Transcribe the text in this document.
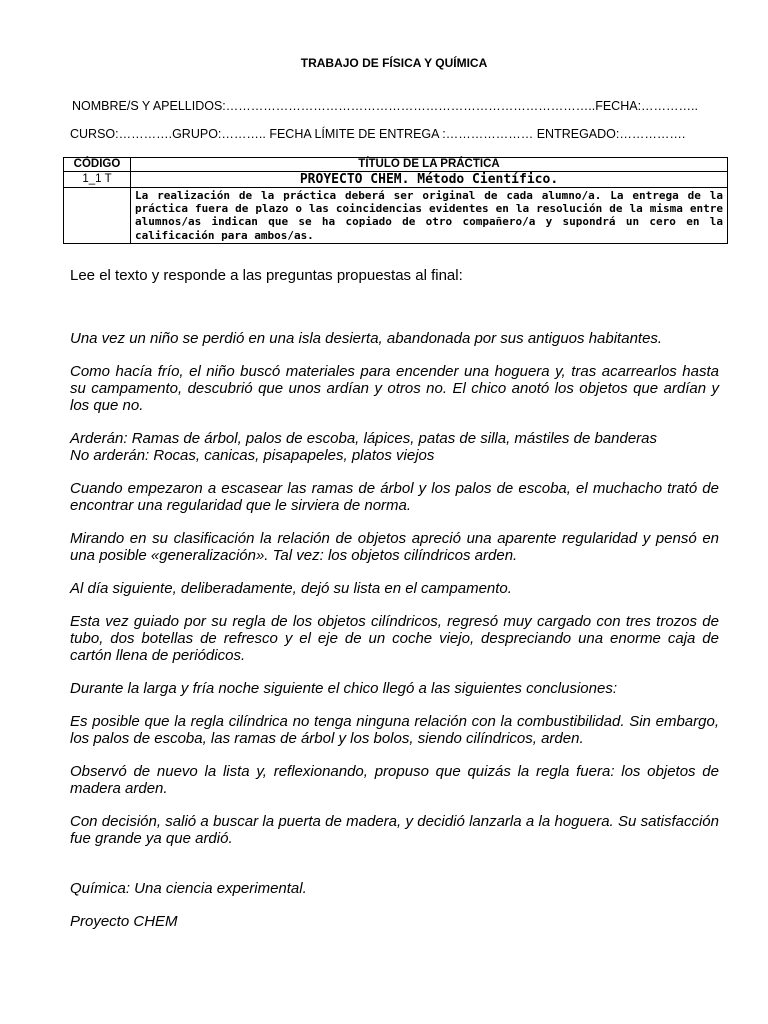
TRABAJO DE FÍSICA Y QUÍMICA
NOMBRE/S Y APELLIDOS:……………………………………………………………………………..FECHA:…………..
CURSO:………….GRUPO:……….. FECHA LÍMITE DE ENTREGA :………………… ENTREGADO:…………….
CÓDIGO	TÍTULO DE LA PRÁCTICA
1_1 T	PROYECTO CHEM. Método Científico.
	La realización de la práctica deberá ser original de cada alumno/a. La entrega de la práctica fuera de plazo o las coincidencias evidentes en la resolución de la misma entre alumnos/as indican que se ha copiado de otro compañero/a y supondrá un cero en la calificación para ambos/as.
Lee el texto y responde a las preguntas propuestas al final:

Una vez un niño se perdió en una isla desierta, abandonada por sus antiguos habitantes.

Como hacía frío, el niño buscó materiales para encender una hoguera y, tras acarrearlos hasta su campamento, descubrió que unos ardían y otros no. El chico anotó los objetos que ardían y los que no.

Arderán: Ramas de árbol, palos de escoba, lápices, patas de silla, mástiles de banderas
No arderán: Rocas, canicas, pisapapeles, platos viejos

Cuando empezaron a escasear las ramas de árbol y los palos de escoba, el muchacho trató de encontrar una regularidad que le sirviera de norma.

Mirando en su clasificación la relación de objetos apreció una aparente regularidad y pensó en una posible «generalización». Tal vez: los objetos cilíndricos arden.

Al día siguiente, deliberadamente, dejó su lista en el campamento.

Esta vez guiado por su regla de los objetos cilíndricos, regresó muy cargado con tres trozos de tubo, dos botellas de refresco y el eje de un coche viejo, despreciando una enorme caja de cartón llena de periódicos.

Durante la larga y fría noche siguiente el chico llegó a las siguientes conclusiones:

Es posible que la regla cilíndrica no tenga ninguna relación con la combustibilidad. Sin embargo, los palos de escoba, las ramas de árbol y los bolos, siendo cilíndricos, arden.

Observó de nuevo la lista y, reflexionando, propuso que quizás la regla fuera: los objetos de madera arden.

Con decisión, salió a buscar la puerta de madera, y decidió lanzarla a la hoguera. Su satisfacción fue grande ya que ardió.

Química: Una ciencia experimental.

Proyecto CHEM
